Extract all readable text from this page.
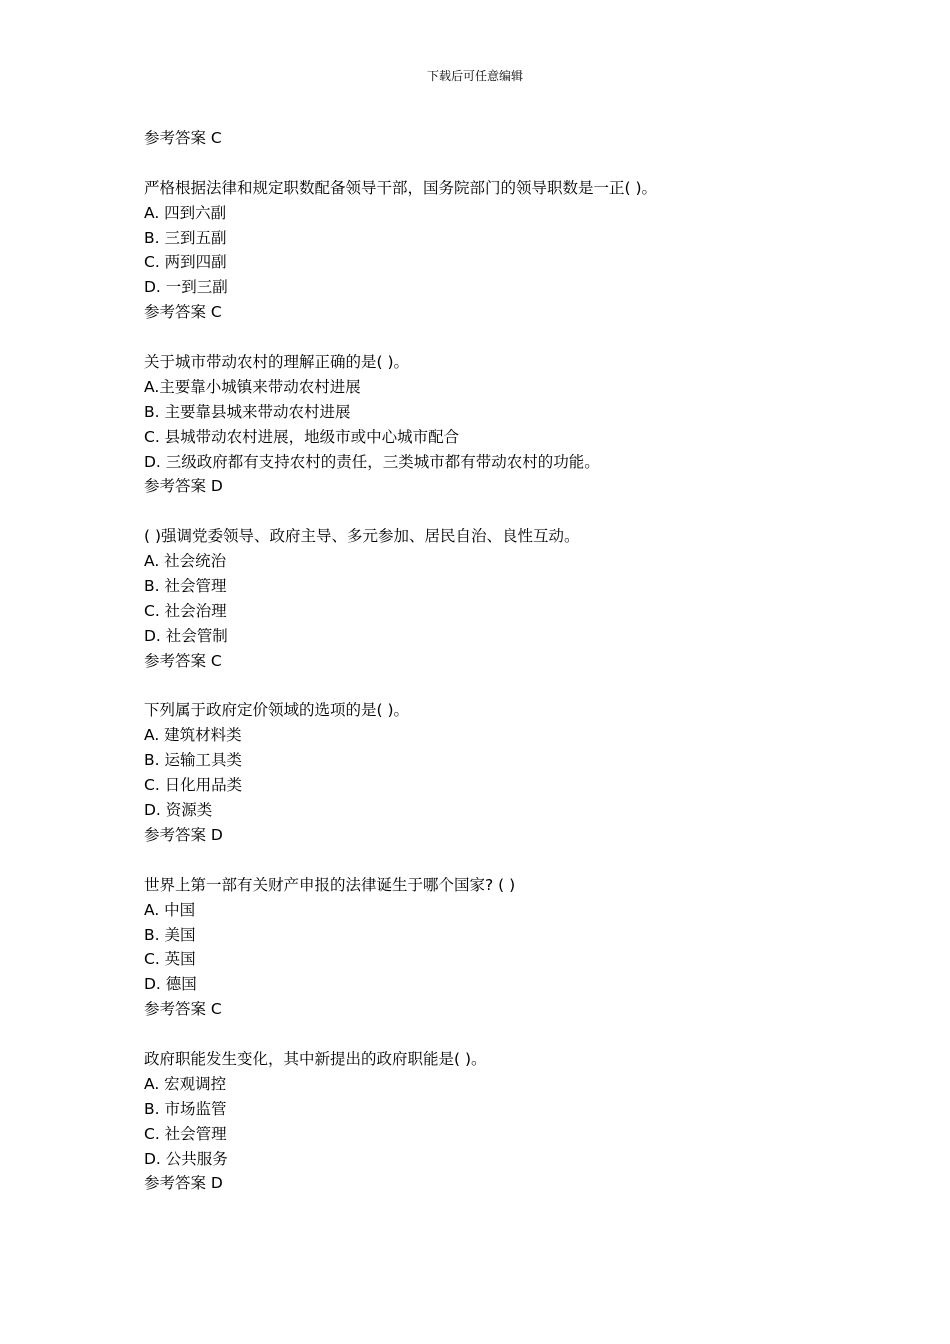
下载后可任意编辑
参考答案 C
严格根据法律和规定职数配备领导干部，国务院部门的领导职数是一正( )。
A. 四到六副
B. 三到五副
C. 两到四副
D. 一到三副
参考答案 C
关于城市带动农村的理解正确的是( )。
A.主要靠小城镇来带动农村进展
B. 主要靠县城来带动农村进展
C. 县城带动农村进展，地级市或中心城市配合
D. 三级政府都有支持农村的责任，三类城市都有带动农村的功能。
参考答案 D
( )强调党委领导、政府主导、多元参加、居民自治、良性互动。
A. 社会统治
B. 社会管理
C. 社会治理
D. 社会管制
参考答案 C
下列属于政府定价领域的选项的是( )。
A. 建筑材料类
B. 运输工具类
C. 日化用品类
D. 资源类
参考答案 D
世界上第一部有关财产申报的法律诞生于哪个国家? ( )
A. 中国
B. 美国
C. 英国
D. 德国
参考答案 C
政府职能发生变化，其中新提出的政府职能是( )。
A. 宏观调控
B. 市场监管
C. 社会管理
D. 公共服务
参考答案 D
